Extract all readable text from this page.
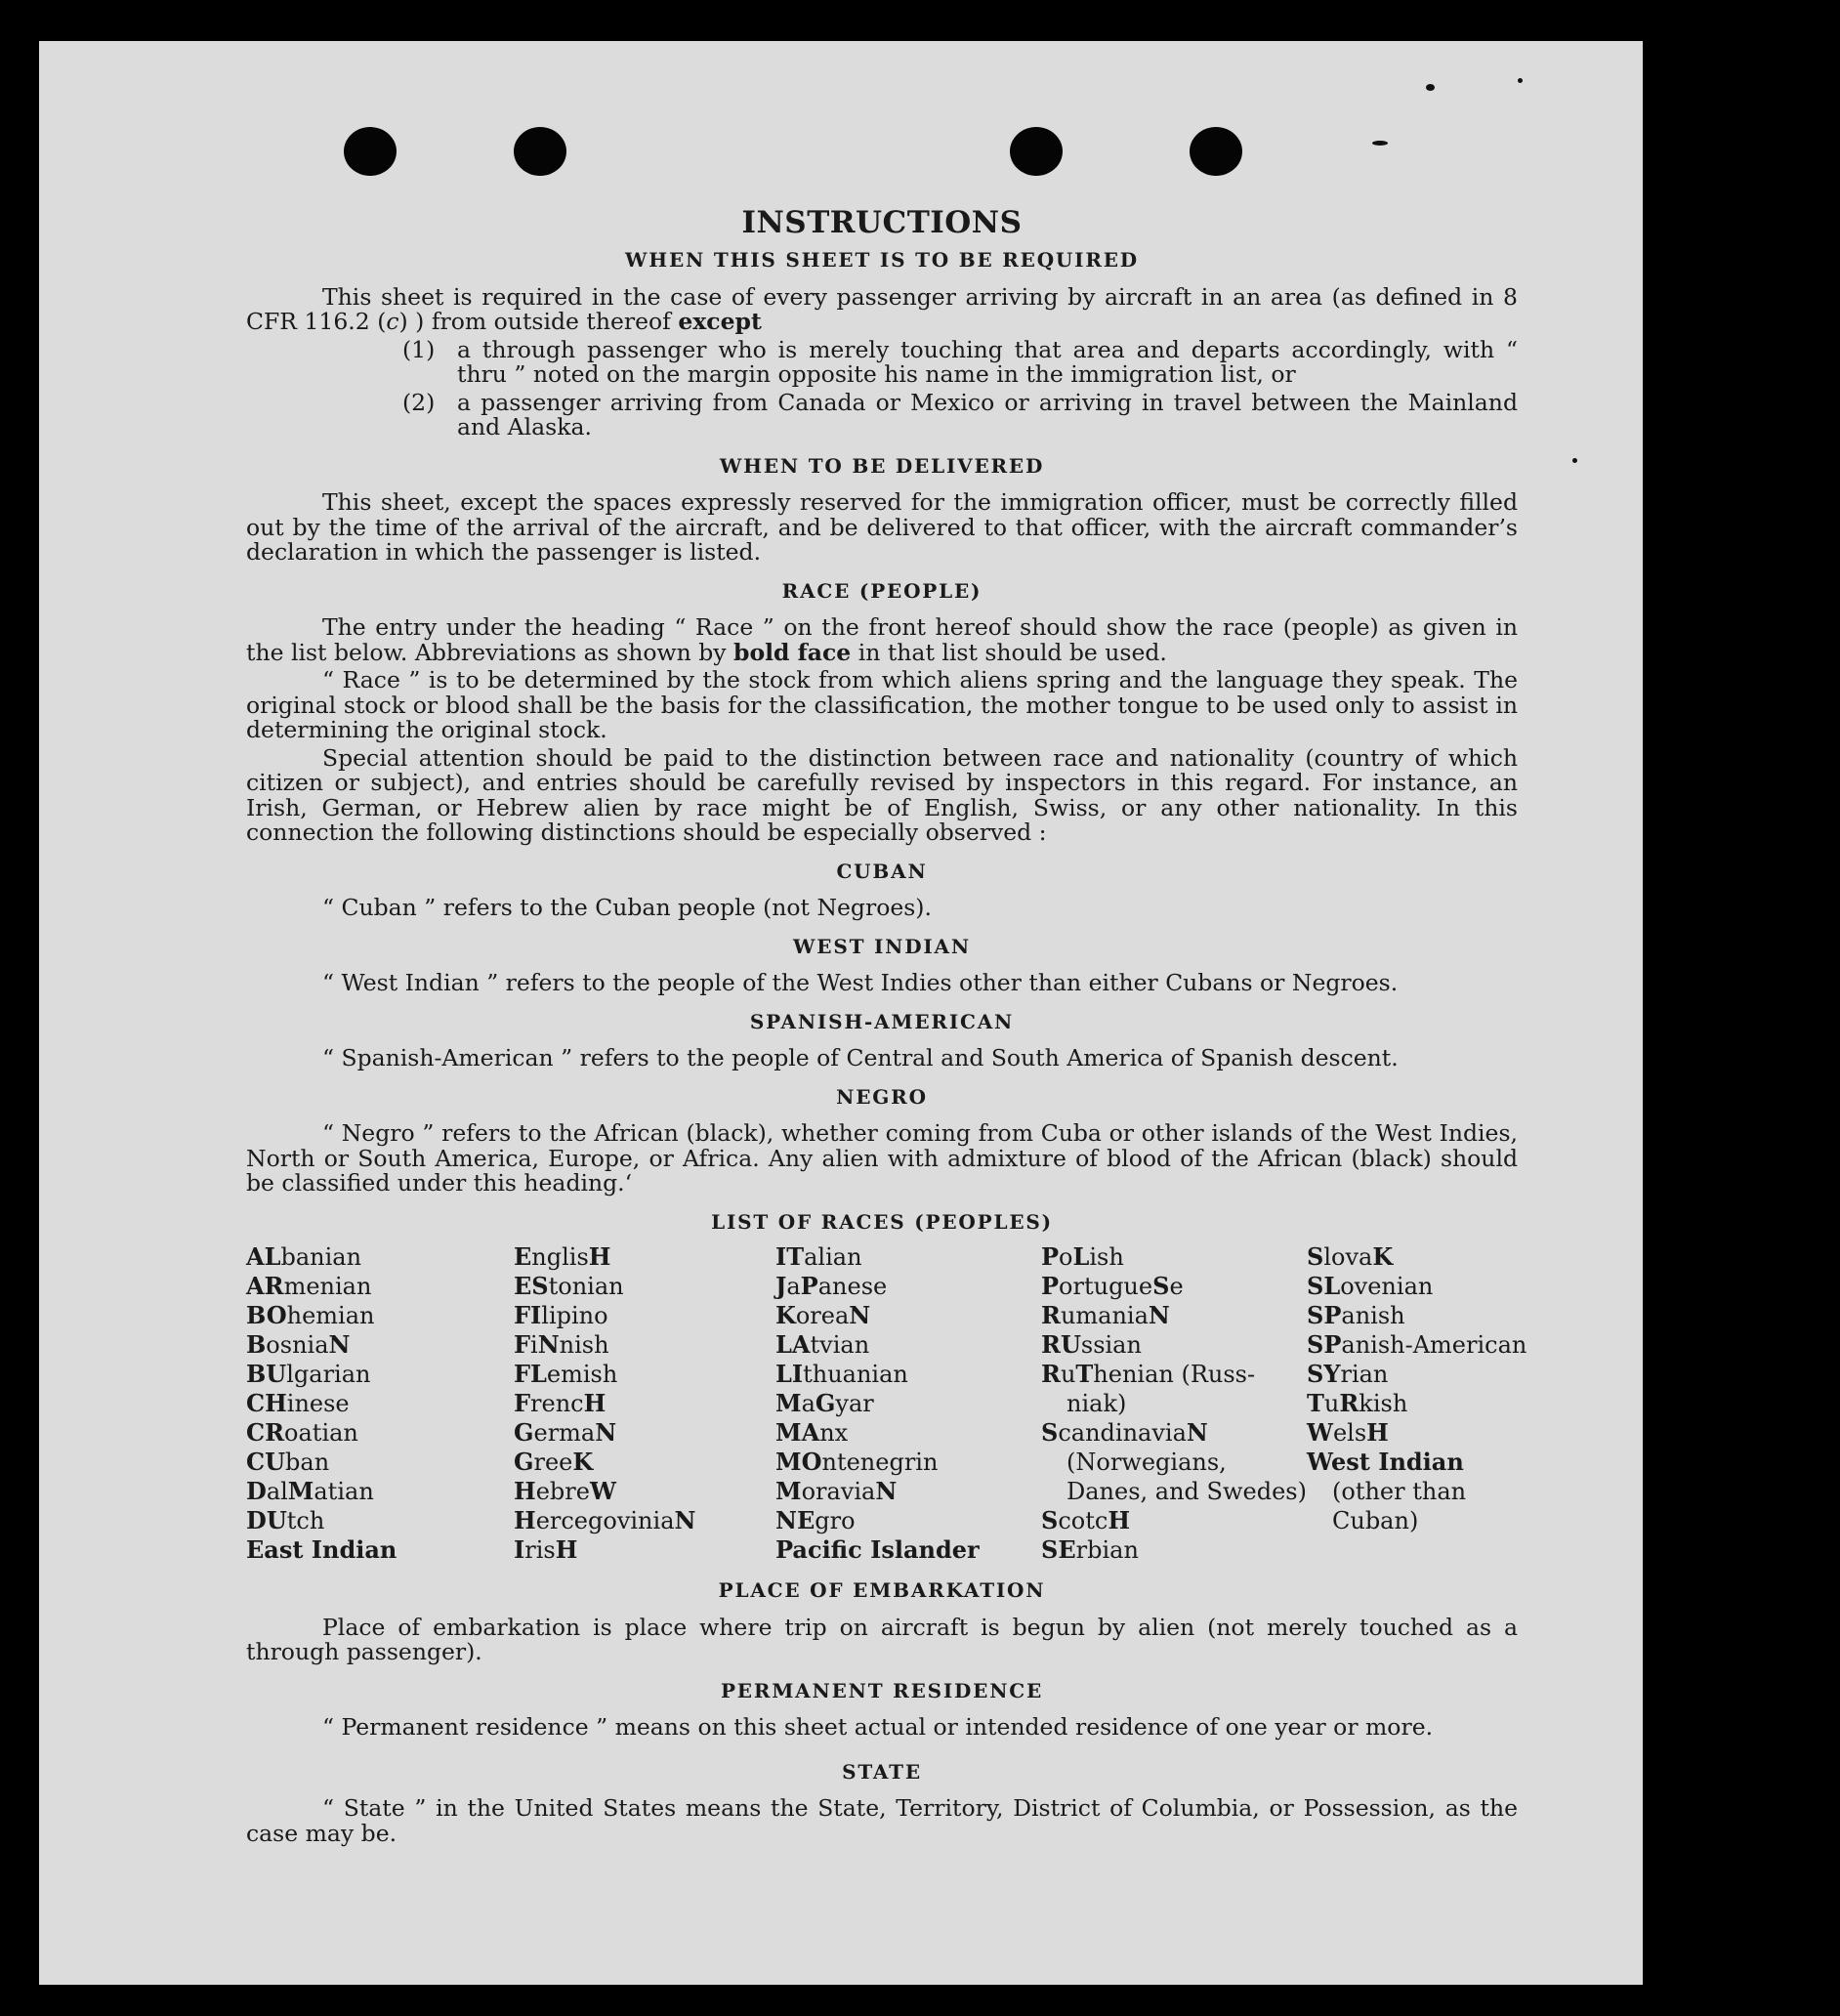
INSTRUCTIONS
WHEN THIS SHEET IS TO BE REQUIRED

This sheet is required in the case of every passenger arriving by aircraft in an area (as defined in 8 CFR 116.2 (c) ) from outside thereof except

(1) a through passenger who is merely touching that area and departs accordingly, with “ thru ” noted on the margin opposite his name in the immigration list, or
(2) a passenger arriving from Canada or Mexico or arriving in travel between the Mainland and Alaska.
WHEN TO BE DELIVERED

This sheet, except the spaces expressly reserved for the immigration officer, must be correctly filled out by the time of the arrival of the aircraft, and be delivered to that officer, with the aircraft commander’s declaration in which the passenger is listed.

RACE (PEOPLE)

The entry under the heading “ Race ” on the front hereof should show the race (people) as given in the list below. Abbreviations as shown by bold face in that list should be used.

“ Race ” is to be determined by the stock from which aliens spring and the language they speak. The original stock or blood shall be the basis for the classification, the mother tongue to be used only to assist in determining the original stock.

Special attention should be paid to the distinction between race and nationality (country of which citizen or subject), and entries should be carefully revised by inspectors in this regard. For instance, an Irish, German, or Hebrew alien by race might be of English, Swiss, or any other nationality. In this connection the following distinctions should be especially observed :

CUBAN

“ Cuban ” refers to the Cuban people (not Negroes).

WEST INDIAN

“ West Indian ” refers to the people of the West Indies other than either Cubans or Negroes.

SPANISH-AMERICAN

“ Spanish-American ” refers to the people of Central and South America of Spanish descent.

NEGRO

“ Negro ” refers to the African (black), whether coming from Cuba or other islands of the West Indies, North or South America, Europe, or Africa. Any alien with admixture of blood of the African (black) should be classified under this heading.‘

LIST OF RACES (PEOPLES)
ALbanian
ARmenian
BOhemian
BosniaN
BUlgarian
CHinese
CRoatian
CUban
DalMatian
DUtch
East Indian
EnglisH
EStonian
FIlipino
FiNnish
FLemish
FrencH
GermaN
GreeK
HebreW
HercegoviniaN
IrisH
ITalian
JaPanese
KoreaN
LAtvian
LIthuanian
MaGyar
MAnx
MOntenegrin
MoraviaN
NEgro
Pacific Islander
PoLish
PortugueSe
RumaniaN
RUssian
RuThenian (Russ-niak)
ScandinaviaN (Norwegians, Danes, and Swedes)
ScotcH
SErbian
SlovaK
SLovenian
SPanish
SPanish-American
SYrian
TuRkish
WelsH
West Indian (other than Cuban)
PLACE OF EMBARKATION

Place of embarkation is place where trip on aircraft is begun by alien (not merely touched as a through passenger).

PERMANENT RESIDENCE

“ Permanent residence ” means on this sheet actual or intended residence of one year or more.

STATE

“ State ” in the United States means the State, Territory, District of Columbia, or Possession, as the case may be.
